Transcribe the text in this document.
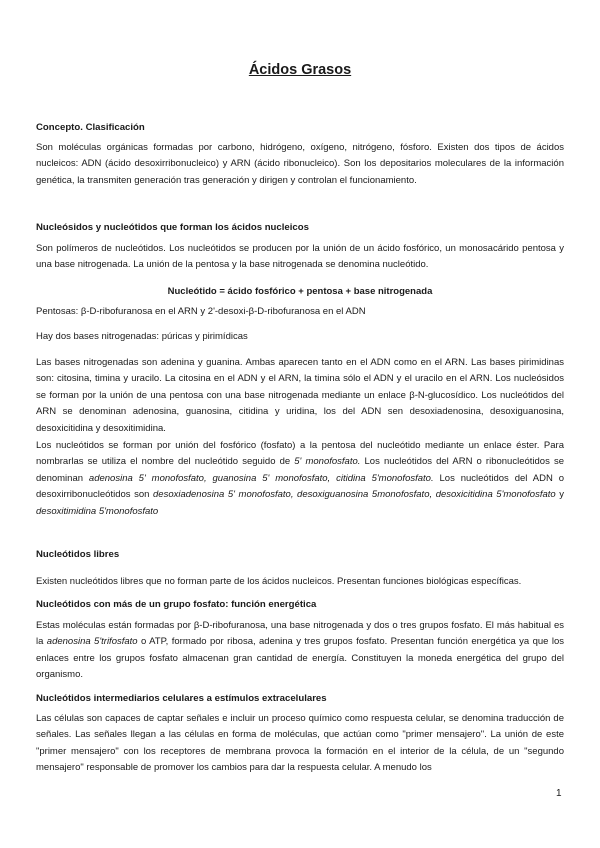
Ácidos Grasos
Concepto. Clasificación
Son moléculas orgánicas formadas por carbono, hidrógeno, oxígeno, nitrógeno, fósforo. Existen dos tipos de ácidos nucleicos: ADN (ácido desoxirribonucleico) y ARN (ácido ribonucleico). Son los depositarios moleculares de la información genética, la transmiten generación tras generación y dirigen y controlan el funcionamiento.
Nucleósidos y nucleótidos que forman los ácidos nucleicos
Son polímeros de nucleótidos. Los nucleótidos se producen por la unión de un ácido fosfórico, un monosacárido pentosa y una base nitrogenada. La unión de la pentosa y la base nitrogenada se denomina nucleótido.
Nucleótido = ácido fosfórico + pentosa + base nitrogenada
Pentosas: β-D-ribofuranosa en el ARN y 2'-desoxi-β-D-ribofuranosa en el ADN
Hay dos bases nitrogenadas: púricas y pirimídicas
Las bases nitrogenadas son adenina y guanina. Ambas aparecen tanto en el ADN como en el ARN. Las bases pirimidinas son: citosina, timina y uracilo. La citosina en el ADN y el ARN, la timina sólo el ADN y el uracilo en el ARN. Los nucleósidos se forman por la unión de una pentosa con una base nitrogenada mediante un enlace β-N-glucosídico. Los nucleótidos del ARN se denominan adenosina, guanosina, citidina y uridina, los del ADN sen desoxiadenosina, desoxiguanosina, desoxicitidina y desoxitimidina.
Los nucleótidos se forman por unión del fosfórico (fosfato) a la pentosa del nucleótido mediante un enlace éster. Para nombrarlas se utiliza el nombre del nucleótido seguido de 5' monofosfato. Los nucleótidos del ARN o ribonucleótidos se denominan adenosina 5' monofosfato, guanosina 5' monofosfato, citidina 5'monofosfato. Los nucleótidos del ADN o desoxirribonucleótidos son desoxiadenosina 5' monofosfato, desoxiguanosina 5monofosfato, desoxicitidina 5'monofosfato y desoxitimidina 5'monofosfato
Nucleótidos libres
Existen nucleótidos libres que no forman parte de los ácidos nucleicos. Presentan funciones biológicas específicas.
Nucleótidos con más de un grupo fosfato: función energética
Estas moléculas están formadas por β-D-ribofuranosa, una base nitrogenada y dos o tres grupos fosfato. El más habitual es la adenosina 5'trifosfato o ATP, formado por ribosa, adenina y tres grupos fosfato. Presentan función energética ya que los enlaces entre los grupos fosfato almacenan gran cantidad de energía. Constituyen la moneda energética del grupo del organismo.
Nucleótidos intermediarios celulares a estímulos extracelulares
Las células son capaces de captar señales e incluir un proceso químico como respuesta celular, se denomina traducción de señales. Las señales llegan a las células en forma de moléculas, que actúan como "primer mensajero". La unión de este "primer mensajero" con los receptores de membrana provoca la formación en el interior de la célula, de un "segundo mensajero" responsable de promover los cambios para dar la respuesta celular. A menudo los
1
